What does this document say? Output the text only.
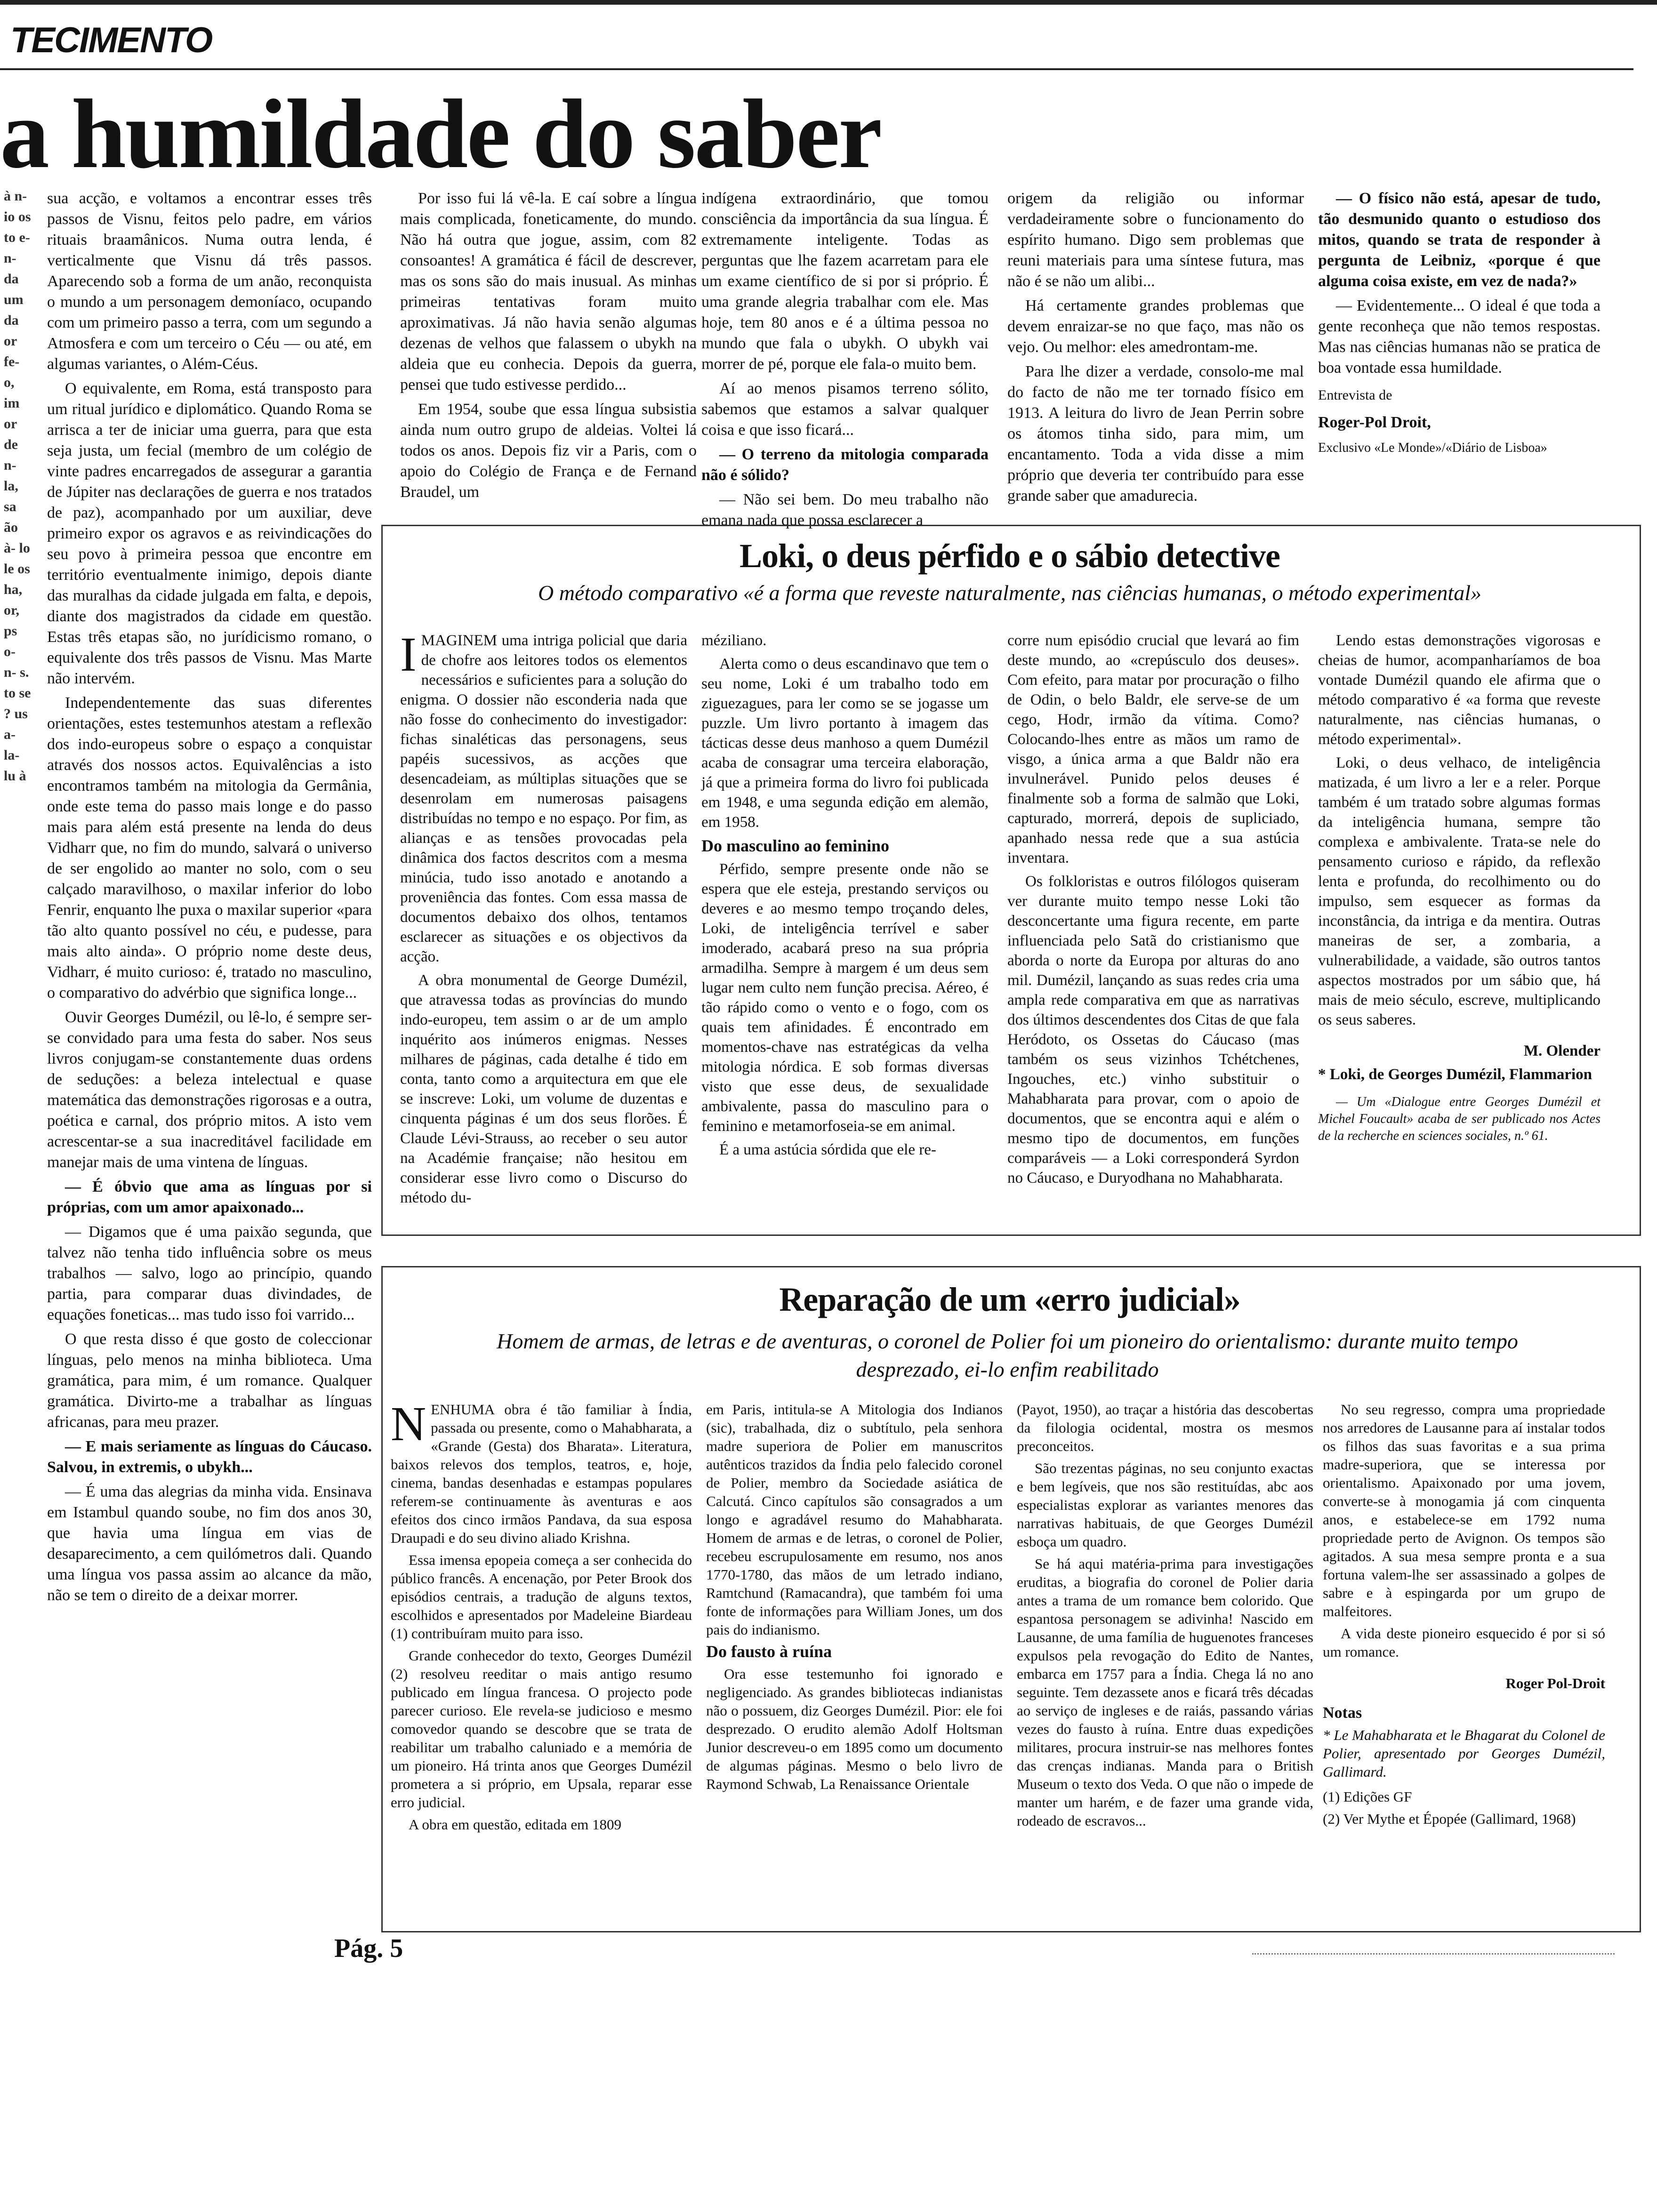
TECIMENTO
a humildade do saber
à n- io os to e- n- da um da or fe- o, im or de n- la, sa ão à- lo le os ha, or, ps o- n- s. to se ? us a- la- lu à

sua acção, e voltamos a encontrar esses três passos de Visnu, feitos pelo padre, em vários rituais braamânicos. Numa outra lenda, é verticalmente que Visnu dá três passos. Aparecendo sob a forma de um anão, reconquista o mundo a um personagem demoníaco, ocupando com um primeiro passo a terra, com um segundo a Atmosfera e com um terceiro o Céu — ou até, em algumas variantes, o Além-Céus.

O equivalente, em Roma, está transposto para um ritual jurídico e diplomático. Quando Roma se arrisca a ter de iniciar uma guerra, para que esta seja justa, um fecial (membro de um colégio de vinte padres encarregados de assegurar a garantia de Júpiter nas declarações de guerra e nos tratados de paz), acompanhado por um auxiliar, deve primeiro expor os agravos e as reivindicações do seu povo à primeira pessoa que encontre em território eventualmente inimigo, depois diante das muralhas da cidade julgada em falta, e depois, diante dos magistrados da cidade em questão. Estas três etapas são, no jurídicismo romano, o equivalente dos três passos de Visnu. Mas Marte não intervém.

Independentemente das suas diferentes orientações, estes testemunhos atestam a reflexão dos indo-europeus sobre o espaço a conquistar através dos nossos actos. Equivalências a isto encontramos também na mitologia da Germânia, onde este tema do passo mais longe e do passo mais para além está presente na lenda do deus Vidharr que, no fim do mundo, salvará o universo de ser engolido ao manter no solo, com o seu calçado maravilhoso, o maxilar inferior do lobo Fenrir, enquanto lhe puxa o maxilar superior «para tão alto quanto possível no céu, e pudesse, para mais alto ainda». O próprio nome deste deus, Vidharr, é muito curioso: é, tratado no masculino, o comparativo do advérbio que significa longe...

Ouvir Georges Dumézil, ou lê-lo, é sempre ser-se convidado para uma festa do saber. Nos seus livros conjugam-se constantemente duas ordens de seduções: a beleza intelectual e quase matemática das demonstrações rigorosas e a outra, poética e carnal, dos próprio mitos. A isto vem acrescentar-se a sua inacreditável facilidade em manejar mais de uma vintena de línguas.

— É óbvio que ama as línguas por si próprias, com um amor apaixonado...

— Digamos que é uma paixão segunda, que talvez não tenha tido influência sobre os meus trabalhos — salvo, logo ao princípio, quando partia, para comparar duas divindades, de equações foneticas... mas tudo isso foi varrido...

O que resta disso é que gosto de coleccionar línguas, pelo menos na minha biblioteca. Uma gramática, para mim, é um romance. Qualquer gramática. Divirto-me a trabalhar as línguas africanas, para meu prazer.

— E mais seriamente as línguas do Cáucaso. Salvou, in extremis, o ubykh...

— É uma das alegrias da minha vida. Ensinava em Istambul quando soube, no fim dos anos 30, que havia uma língua em vias de desaparecimento, a cem quilómetros dali. Quando uma língua vos passa assim ao alcance da mão, não se tem o direito de a deixar morrer.

Por isso fui lá vê-la. E caí sobre a língua mais complicada, foneticamente, do mundo. Não há outra que jogue, assim, com 82 consoantes! A gramática é fácil de descrever, mas os sons são do mais inusual. As minhas primeiras tentativas foram muito aproximativas. Já não havia senão algumas dezenas de velhos que falassem o ubykh na aldeia que eu conhecia. Depois da guerra, pensei que tudo estivesse perdido...

Em 1954, soube que essa língua subsistia ainda num outro grupo de aldeias. Voltei lá todos os anos. Depois fiz vir a Paris, com o apoio do Colégio de Françа e de Fernand Braudel, um

indígena extraordinário, que tomou consciência da importância da sua língua. É extremamente inteligente. Todas as perguntas que lhe fazem acarretam para ele um exame científico de si por si próprio. É uma grande alegria trabalhar com ele. Mas hoje, tem 80 anos e é a última pessoa no mundo que fala o ubykh. O ubykh vai morrer de pé, porque ele fala-o muito bem.

Aí ao menos pisamos terreno sólito, sabemos que estamos a salvar qualquer coisa e que isso ficará...

— O terreno da mitologia comparada não é sólido?

— Não sei bem. Do meu trabalho não emana nada que possa esclarecer a

origem da religião ou informar verdadeiramente sobre o funcionamento do espírito humano. Digo sem problemas que reuni materiais para uma síntese futura, mas não é se não um alibi...

Há certamente grandes problemas que devem enraizar-se no que faço, mas não os vejo. Ou melhor: eles amedrontam-me.

Para lhe dizer a verdade, consolo-me mal do facto de não me ter tornado físico em 1913. A leitura do livro de Jean Perrin sobre os átomos tinha sido, para mim, um encantamento. Toda a vida disse a mim próprio que deveria ter contribuído para esse grande saber que amadurecia.

— O físico não está, apesar de tudo, tão desmunido quanto o estudioso dos mitos, quando se trata de responder à pergunta de Leibniz, «porque é que alguma coisa existe, em vez de nada?»

— Evidentemente... O ideal é que toda a gente reconheça que não temos respostas. Mas nas ciências humanas não se pratica de boa vontade essa humildade.

Entrevista de

Roger-Pol Droit,

Exclusivo «Le Monde»/«Diário de Lisboa»

Loki, o deus pérfido e o sábio detective
O método comparativo «é a forma que reveste naturalmente, nas ciências humanas, o método experimental»

IMAGINEM uma intriga policial que daria de chofre aos leitores todos os elementos necessários e suficientes para a solução do enigma. O dossier não esconderia nada que não fosse do conhecimento do investigador: fichas sinaléticas das personagens, seus papéis sucessivos, as acções que desencadeiam, as múltiplas situações que se desenrolam em numerosas paisagens distribuídas no tempo e no espaço. Por fim, as alianças e as tensões provocadas pela dinâmica dos factos descritos com a mesma minúcia, tudo isso anotado e anotando a proveniência das fontes. Com essa massa de documentos debaixo dos olhos, tentamos esclarecer as situações e os objectivos da acção.

A obra monumental de George Dumézil, que atravessa todas as províncias do mundo indo-europeu, tem assim o ar de um amplo inquérito aos inúmeros enigmas. Nesses milhares de páginas, cada detalhe é tido em conta, tanto como a arquitectura em que ele se inscreve: Loki, um volume de duzentas e cinquenta páginas é um dos seus florões. É Claude Lévi-Strauss, ao receber o seu autor na Académie française; não hesitou em considerar esse livro como o Discurso do método du-

méziliano.

Alerta como o deus escandinavo que tem o seu nome, Loki é um trabalho todo em ziguezagues, para ler como se se jogasse um puzzle. Um livro portanto à imagem das tácticas desse deus manhoso a quem Dumézil acaba de consagrar uma terceira elaboração, já que a primeira forma do livro foi publicada em 1948, e uma segunda edição em alemão, em 1958.

Do masculino ao feminino

Pérfido, sempre presente onde não se espera que ele esteja, prestando serviços ou deveres e ao mesmo tempo troçando deles, Loki, de inteligência terrível e saber imoderado, acabará preso na sua própria armadilha. Sempre à margem é um deus sem lugar nem culto nem função precisa. Aéreo, é tão rápido como o vento e o fogo, com os quais tem afinidades. É encontrado em momentos-chave nas estratégicas da velha mitologia nórdica. E sob formas diversas visto que esse deus, de sexualidade ambivalente, passa do masculino para o feminino e metamorfoseia-se em animal.

É a uma astúcia sórdida que ele re-

corre num episódio crucial que levará ao fim deste mundo, ao «crepúsculo dos deuses». Com efeito, para matar por procuração o filho de Odin, o belo Baldr, ele serve-se de um cego, Hodr, irmão da vítima. Como? Colocando-lhes entre as mãos um ramo de visgo, a única arma a que Baldr não era invulnerável. Punido pelos deuses é finalmente sob a forma de salmão que Loki, capturado, morrerá, depois de supliciado, apanhado nessa rede que a sua astúcia inventara.

Os folkloristas e outros filólogos quiseram ver durante muito tempo nesse Loki tão desconcertante uma figura recente, em parte influenciada pelo Satã do cristianismo que aborda o norte da Europa por alturas do ano mil. Dumézil, lançando as suas redes cria uma ampla rede comparativa em que as narrativas dos últimos descendentes dos Citas de que fala Heródoto, os Ossetas do Cáucaso (mas também os seus vizinhos Tchétchenes, Ingouches, etc.) vinho substituir o Mahabharata para provar, com o apoio de documentos, que se encontra aqui e além o mesmo tipo de documentos, em funções comparáveis — a Loki corresponderá Syrdon no Cáucaso, e Duryodhana no Mahabharata.

Lendo estas demonstrações vigorosas e cheias de humor, acompanharíamos de boa vontade Dumézil quando ele afirma que o método comparativo é «a forma que reveste naturalmente, nas ciências humanas, o método experimental».

Loki, o deus velhaco, de inteligência matizada, é um livro a ler e a reler. Porque também é um tratado sobre algumas formas da inteligência humana, sempre tão complexa e ambivalente. Trata-se nele do pensamento curioso e rápido, da reflexão lenta e profunda, do recolhimento ou do impulso, sem esquecer as formas da inconstância, da intriga e da mentira. Outras maneiras de ser, a zombaria, a vulnerabilidade, a vaidade, são outros tantos aspectos mostrados por um sábio que, há mais de meio século, escreve, multiplicando os seus saberes.

M. Olender

* Loki, de Georges Dumézil, Flammarion

— Um «Dialogue entre Georges Dumézil et Michel Foucault» acaba de ser publicado nos Actes de la recherche en sciences sociales, n.º 61.

Reparação de um «erro judicial»
Homem de armas, de letras e de aventuras, o coronel de Polier foi um pioneiro do orientalismo: durante muito tempo desprezado, ei-lo enfim reabilitado

NENHUMA obra é tão familiar à Índia, passada ou presente, como o Mahabharata, a «Grande (Gesta) dos Bharata». Literatura, baixos relevos dos templos, teatros, e, hoje, cinema, bandas desenhadas e estampas populares referem-se continuamente às aventuras e aos efeitos dos cinco irmãos Pandava, da sua esposa Draupadi e do seu divino aliado Krishna.

Essa imensa epopeia começa a ser conhecida do público francês. A encenação, por Peter Brook dos episódios centrais, a tradução de alguns textos, escolhidos e apresentados por Madeleine Biardeau (1) contribuíram muito para isso.

Grande conhecedor do texto, Georges Dumézil (2) resolveu reeditar o mais antigo resumo publicado em língua francesa. O projecto pode parecer curioso. Ele revela-se judicioso e mesmo comovedor quando se descobre que se trata de reabilitar um trabalho caluniado e a memória de um pioneiro. Há trinta anos que Georges Dumézil prometera a si próprio, em Upsala, reparar esse erro judicial.

A obra em questão, editada em 1809

em Paris, intitula-se A Mitologia dos Indianos (sic), trabalhada, diz o subtítulo, pela senhora madre superiora de Polier em manuscritos autênticos trazidos da Índia pelo falecido coronel de Polier, membro da Sociedade asiática de Calcutá. Cinco capítulos são consagrados a um longo e agradável resumo do Mahabharata. Homem de armas e de letras, o coronel de Polier, recebeu escrupulosamente em resumo, nos anos 1770-1780, das mãos de um letrado indiano, Ramtchund (Ramacandra), que também foi uma fonte de informações para William Jones, um dos pais do indianismo.

Do fausto à ruína

Ora esse testemunho foi ignorado e negligenciado. As grandes bibliotecas indianistas não o possuem, diz Georges Dumézil. Pior: ele foi desprezado. O erudito alemão Adolf Holtsman Junior descreveu-o em 1895 como um documento de algumas páginas. Mesmo o belo livro de Raymond Schwab, La Renaissance Orientale

(Payot, 1950), ao traçar a história das descobertas da filologia ocidental, mostra os mesmos preconceitos.

São trezentas páginas, no seu conjunto exactas e bem legíveis, que nos são restituídas, abc aos especialistas explorar as variantes menores das narrativas habituais, de que Georges Dumézil esboça um quadro.

Se há aqui matéria-prima para investigações eruditas, a biografia do coronel de Polier daria antes a trama de um romance bem colorido. Que espantosa personagem se adivinha! Nascido em Lausanne, de uma família de huguenotes franceses expulsos pela revogação do Edito de Nantes, embarca em 1757 para a Índia. Chega lá no ano seguinte. Tem dezassete anos e ficará três décadas ao serviço de ingleses e de raiás, passando várias vezes do fausto à ruína. Entre duas expedições militares, procura instruir-se nas melhores fontes das crenças indianas. Manda para o British Museum o texto dos Veda. O que não o impede de manter um harém, e de fazer uma grande vida, rodeado de escravos...

No seu regresso, compra uma propriedade nos arredores de Lausanne para aí instalar todos os filhos das suas favoritas e a sua prima madre-superiora, que se interessa por orientalismo. Apaixonado por uma jovem, converte-se à monogamia já com cinquenta anos, e estabelece-se em 1792 numa propriedade perto de Avignon. Os tempos são agitados. A sua mesa sempre pronta e a sua fortuna valem-lhe ser assassinado a golpes de sabre e à espingarda por um grupo de malfeitores.

A vida deste pioneiro esquecido é por si só um romance.

Roger Pol-Droit

Notas

* Le Mahabharata et le Bhagarat du Colonel de Polier, apresentado por Georges Dumézil, Gallimard.

(1) Edições GF

(2) Ver Mythe et Épopée (Gallimard, 1968)

Pág. 5
